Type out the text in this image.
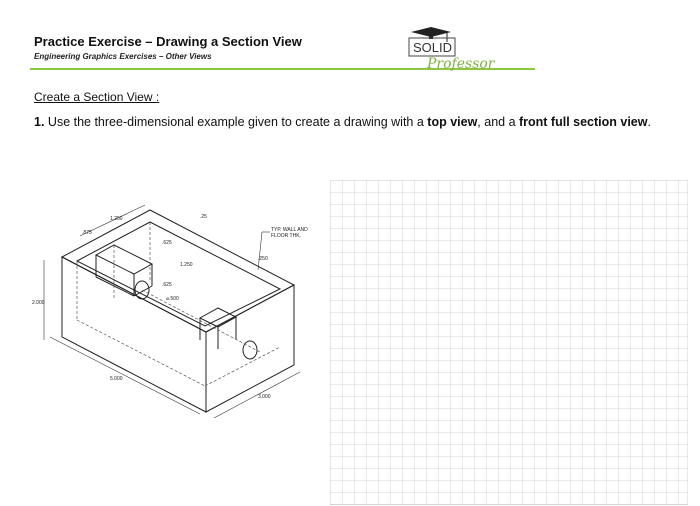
Practice Exercise – Drawing a Section View
Engineering Graphics Exercises – Other Views
SOLID
Professor
Create a Section View :
1. Use the three-dimensional example given to create a drawing with a top view, and a front full section view.
TYP. WALL AND
FLOOR THK.
.875
1.250	.25
.625
1.250
.250
.625
⌀.500
2.000
5.000
3.000
